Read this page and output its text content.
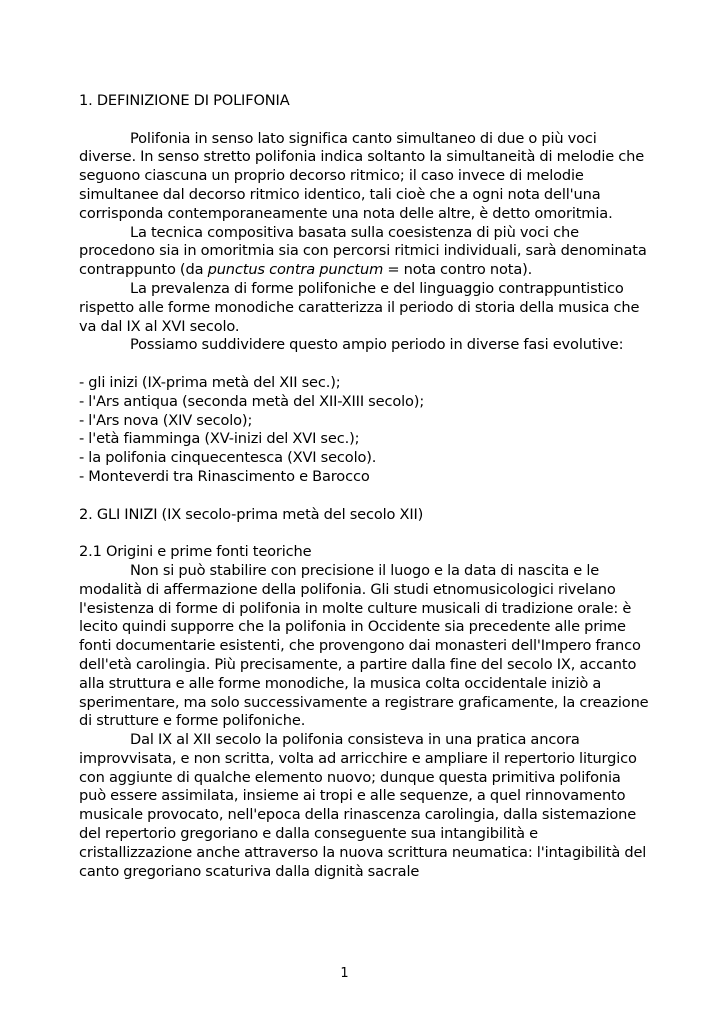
1. DEFINIZIONE DI POLIFONIA

Polifonia in senso lato significa canto simultaneo di due o più voci diverse. In senso stretto polifonia indica soltanto la simultaneità di melodie che seguono ciascuna un proprio decorso ritmico; il caso invece di melodie simultanee dal decorso ritmico identico, tali cioè che a ogni nota dell'una corrisponda contemporaneamente una nota delle altre, è detto omoritmia.

La tecnica compositiva basata sulla coesistenza di più voci che procedono sia in omoritmia sia con percorsi ritmici individuali, sarà denominata contrappunto (da punctus contra punctum = nota contro nota).

La prevalenza di forme polifoniche e del linguaggio contrappuntistico rispetto alle forme monodiche caratterizza il periodo di storia della musica che va dal IX al XVI secolo.

Possiamo suddividere questo ampio periodo in diverse fasi evolutive:

- gli inizi (IX-prima metà del XII sec.);
- l'Ars antiqua (seconda metà del XII-XIII secolo);
- l'Ars nova (XIV secolo);
- l'età fiamminga (XV-inizi del XVI sec.);
- la polifonia cinquecentesca (XVI secolo).
- Monteverdi tra Rinascimento e Barocco
2. GLI INIZI (IX secolo-prima metà del secolo XII)
2.1 Origini e prime fonti teoriche

Non si può stabilire con precisione il luogo e la data di nascita e le modalità di affermazione della polifonia. Gli studi etnomusicologici rivelano l'esistenza di forme di polifonia in molte culture musicali di tradizione orale: è lecito quindi supporre che la polifonia in Occidente sia precedente alle prime fonti documentarie esistenti, che provengono dai monasteri dell'Impero franco dell'età carolingia. Più precisamente, a partire dalla fine del secolo IX, accanto alla struttura e alle forme monodiche, la musica colta occidentale iniziò a sperimentare, ma solo successivamente a registrare graficamente, la creazione di strutture e forme polifoniche.

Dal IX al XII secolo la polifonia consisteva in una pratica ancora improvvisata, e non scritta, volta ad arricchire e ampliare il repertorio liturgico con aggiunte di qualche elemento nuovo; dunque questa primitiva polifonia può essere assimilata, insieme ai tropi e alle sequenze, a quel rinnovamento musicale provocato, nell'epoca della rinascenza carolingia, dalla sistemazione del repertorio gregoriano e dalla conseguente sua intangibilità e cristallizzazione anche attraverso la nuova scrittura neumatica: l'intagibilità del canto gregoriano scaturiva dalla dignità sacrale

1
